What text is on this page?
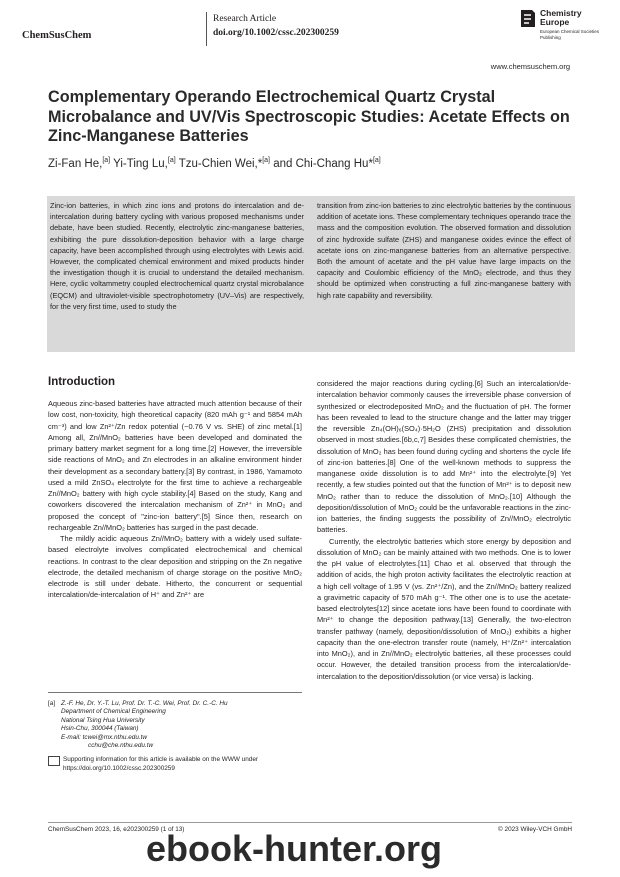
ChemSusChem
Research Article
doi.org/10.1002/cssc.202300259
Chemistry Europe
European Chemical Societies Publishing
www.chemsuschem.org
Complementary Operando Electrochemical Quartz Crystal Microbalance and UV/Vis Spectroscopic Studies: Acetate Effects on Zinc-Manganese Batteries
Zi-Fan He,[a] Yi-Ting Lu,[a] Tzu-Chien Wei,*[a] and Chi-Chang Hu*[a]
Zinc-ion batteries, in which zinc ions and protons do intercalation and de-intercalation during battery cycling with various proposed mechanisms under debate, have been studied. Recently, electrolytic zinc-manganese batteries, exhibiting the pure dissolution-deposition behavior with a large charge capacity, have been accomplished through using electrolytes with Lewis acid. However, the complicated chemical environment and mixed products hinder the investigation though it is crucial to understand the detailed mechanism. Here, cyclic voltammetry coupled electrochemical quartz crystal microbalance (EQCM) and ultraviolet-visible spectrophotometry (UV–Vis) are respectively, for the very first time, used to study the
transition from zinc-ion batteries to zinc electrolytic batteries by the continuous addition of acetate ions. These complementary techniques operando trace the mass and the composition evolution. The observed formation and dissolution of zinc hydroxide sulfate (ZHS) and manganese oxides evince the effect of acetate ions on zinc-manganese batteries from an alternative perspective. Both the amount of acetate and the pH value have large impacts on the capacity and Coulombic efficiency of the MnO₂ electrode, and thus they should be optimized when constructing a full zinc-manganese battery with high rate capability and reversibility.
Introduction

Aqueous zinc-based batteries have attracted much attention because of their low cost, non-toxicity, high theoretical capacity (820 mAh g⁻¹ and 5854 mAh cm⁻³) and low Zn²⁺/Zn redox potential (−0.76 V vs. SHE) of zinc metal.[1] Among all, Zn//MnO₂ batteries have been developed and dominated the primary battery market segment for a long time.[2] However, the irreversible side reactions of MnO₂ and Zn electrodes in an alkaline environment hinder their development as a secondary battery.[3] By contrast, in 1986, Yamamoto used a mild ZnSO₄ electrolyte for the first time to achieve a rechargeable Zn//MnO₂ battery with high cycle stability.[4] Based on the study, Kang and coworkers discovered the intercalation mechanism of Zn²⁺ in MnO₂ and proposed the concept of "zinc-ion battery".[5] Since then, research on rechargeable Zn//MnO₂ batteries has surged in the past decade.

The mildly acidic aqueous Zn//MnO₂ battery with a widely used sulfate-based electrolyte involves complicated electrochemical and chemical reactions. In contrast to the clear deposition and stripping on the Zn negative electrode, the detailed mechanism of charge storage on the positive MnO₂ electrode is still under debate. Hitherto, the concurrent or sequential intercalation/de-intercalation of H⁺ and Zn²⁺ are

considered the major reactions during cycling.[6] Such an intercalation/de-intercalation behavior commonly causes the irreversible phase conversion of synthesized or electrodeposited MnO₂ and the fluctuation of pH. The former has been revealed to lead to the structure change and the latter may trigger the reversible Zn₄(OH)₆(SO₄)·5H₂O (ZHS) precipitation and dissolution observed in most studies.[6b,c,7] Besides these complicated chemistries, the dissolution of MnO₂ has been found during cycling and shortens the cycle life of zinc-ion batteries.[8] One of the well-known methods to suppress the manganese oxide dissolution is to add Mn²⁺ into the electrolyte.[9] Yet recently, a few studies pointed out that the function of Mn²⁺ is to deposit new MnO₂ rather than to reduce the dissolution of MnO₂.[10] Although the deposition/dissolution of MnO₂ could be the unfavorable reactions in the zinc-ion batteries, the finding suggests the possibility of Zn//MnO₂ electrolytic batteries.

Currently, the electrolytic batteries which store energy by deposition and dissolution of MnO₂ can be mainly attained with two methods. One is to lower the pH value of electrolytes.[11] Chao et al. observed that through the addition of acids, the high proton activity facilitates the electrolytic reaction at a high cell voltage of 1.95 V (vs. Zn²⁺/Zn), and the Zn//MnO₂ battery realized a gravimetric capacity of 570 mAh g⁻¹. The other one is to use the acetate-based electrolytes[12] since acetate ions have been found to coordinate with Mn²⁺ to change the deposition pathway.[13] Generally, the two-electron transfer pathway (namely, deposition/dissolution of MnO₂) exhibits a higher capacity than the one-electron transfer route (namely, H⁺/Zn²⁺ intercalation into MnO₂), and in Zn//MnO₂ electrolytic batteries, all these processes could occur. However, the detailed transition process from the intercalation/de-intercalation to the deposition/dissolution (or vice versa) is lacking.

[a] Z.-F. He, Dr. Y.-T. Lu, Prof. Dr. T.-C. Wei, Prof. Dr. C.-C. Hu
Department of Chemical Engineering
National Tsing Hua University
Hsin-Chu, 300044 (Taiwan)
E-mail: tcwei@mx.nthu.edu.tw
cchu@che.nthu.edu.tw
Supporting information for this article is available on the WWW under https://doi.org/10.1002/cssc.202300259
ChemSusChem 2023, 16, e202300259 (1 of 13)	© 2023 Wiley-VCH GmbH
ebook-hunter.org
